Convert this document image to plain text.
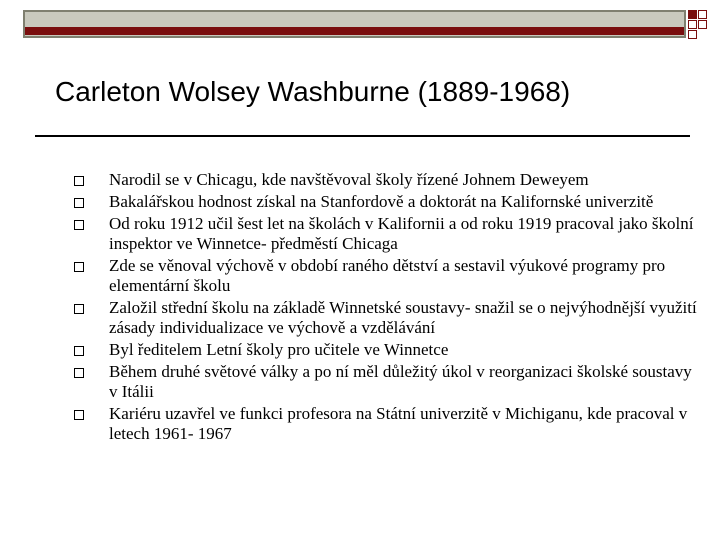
Carleton Wolsey Washburne (1889-1968)
Narodil se v Chicagu, kde navštěvoval školy řízené Johnem Deweyem
Bakalářskou hodnost získal na Stanfordově a doktorát na Kalifornské univerzitě
Od roku 1912 učil šest let na školách v Kalifornii a od roku 1919 pracoval jako školní inspektor ve Winnetce- předměstí Chicaga
Zde se věnoval výchově v období raného dětství a sestavil výukové programy pro elementární školu
Založil střední školu na základě Winnetské soustavy- snažil se o nejvýhodnější využití zásady individualizace ve výchově a vzdělávání
Byl ředitelem Letní školy pro učitele ve Winnetce
Během druhé světové války a po ní měl důležitý úkol v reorganizaci školské soustavy v Itálii
Kariéru uzavřel ve funkci profesora na Státní univerzitě v Michiganu, kde pracoval v letech 1961- 1967
